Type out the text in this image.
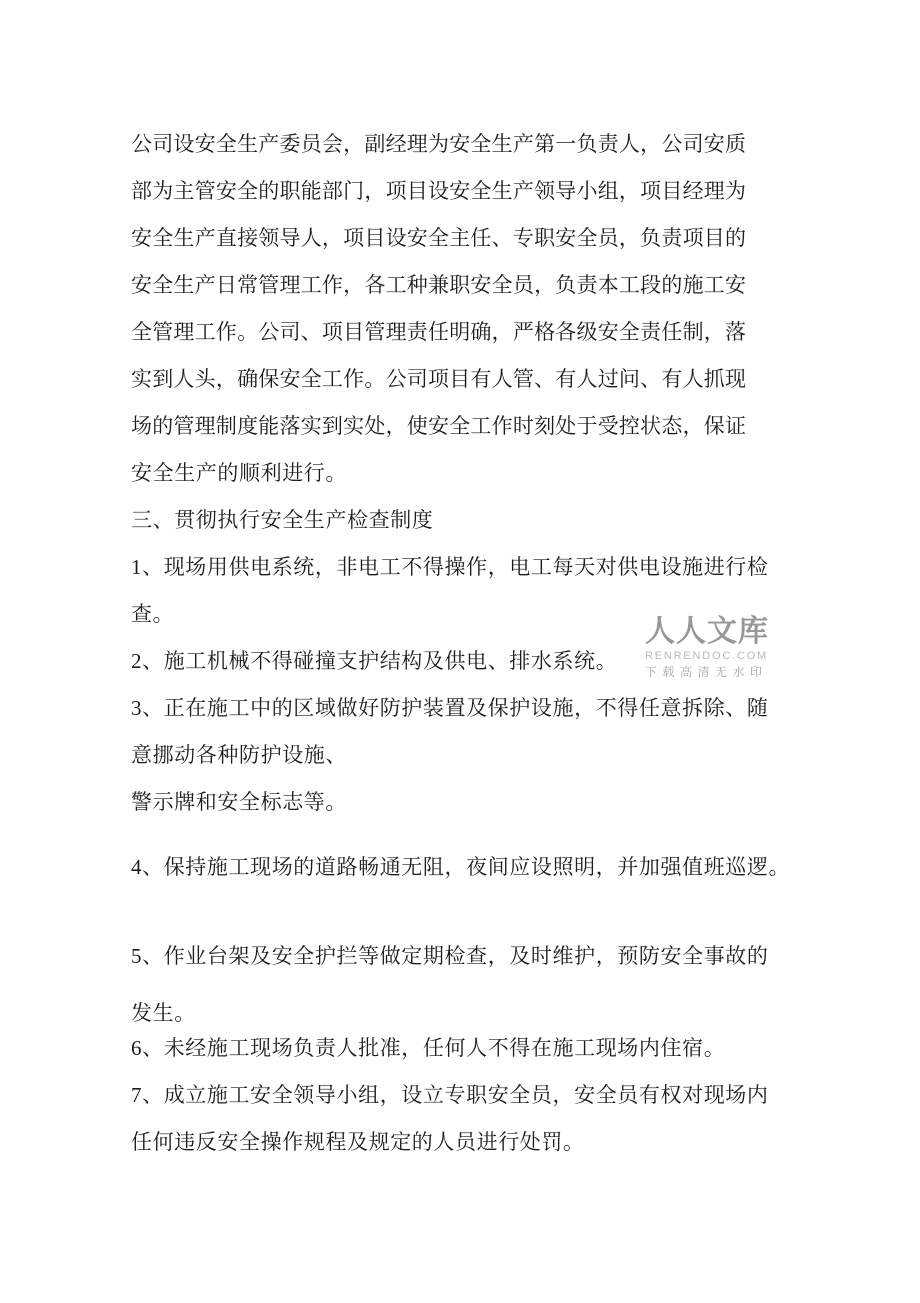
公司设安全生产委员会，副经理为安全生产第一负责人，公司安质
部为主管安全的职能部门，项目设安全生产领导小组，项目经理为
安全生产直接领导人，项目设安全主任、专职安全员，负责项目的
安全生产日常管理工作，各工种兼职安全员，负责本工段的施工安
全管理工作。公司、项目管理责任明确，严格各级安全责任制，落
实到人头，确保安全工作。公司项目有人管、有人过问、有人抓现
场的管理制度能落实到实处，使安全工作时刻处于受控状态，保证
安全生产的顺利进行。
三、贯彻执行安全生产检查制度
1、现场用供电系统，非电工不得操作，电工每天对供电设施进行检
查。
2、施工机械不得碰撞支护结构及供电、排水系统。
3、正在施工中的区域做好防护装置及保护设施，不得任意拆除、随
意挪动各种防护设施、
警示牌和安全标志等。
4、保持施工现场的道路畅通无阻，夜间应设照明，并加强值班巡逻。
5、作业台架及安全护拦等做定期检查，及时维护，预防安全事故的
发生。
6、未经施工现场负责人批准，任何人不得在施工现场内住宿。
7、成立施工安全领导小组，设立专职安全员，安全员有权对现场内
任何违反安全操作规程及规定的人员进行处罚。
人人文库
RENRENDOC.COM
下载高清无水印
